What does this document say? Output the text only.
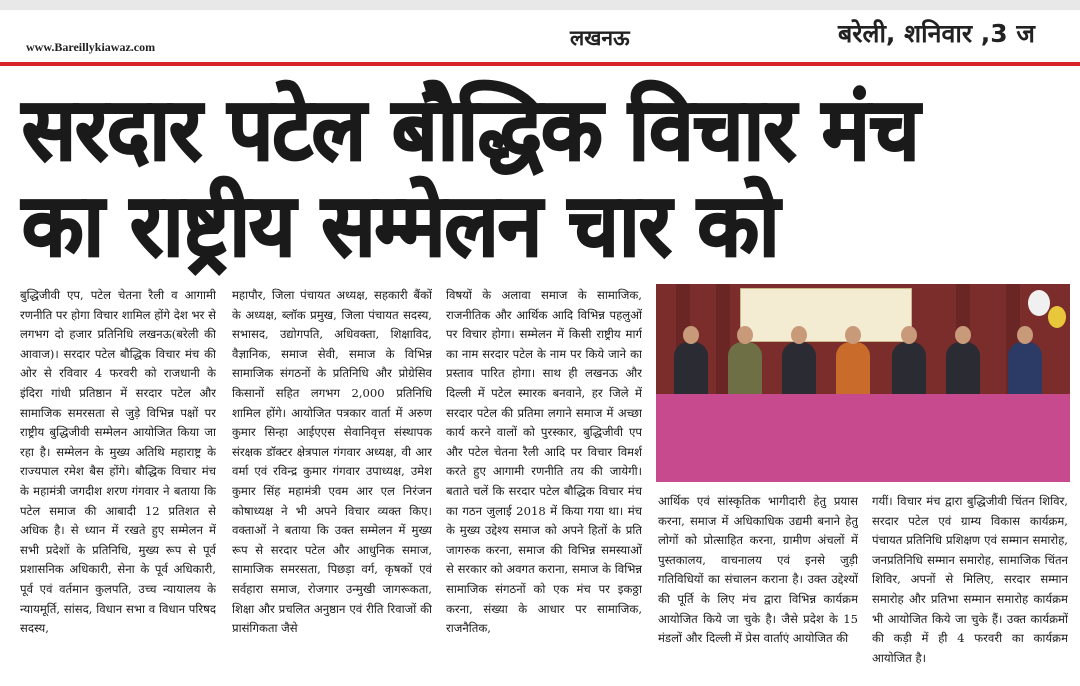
www.Bareillykiawaz.com	लखनऊ	बरेली, शनिवार ,3 ज
सरदार पटेल बौद्धिक विचार मंच
का राष्ट्रीय सम्मेलन चार को
बुद्धिजीवी एप, पटेल चेतना रैली व आगामी रणनीति पर होगा विचार शामिल होंगे देश भर से लगभग दो हजार प्रतिनिधि लखनऊ(बरेली की आवाज)। सरदार पटेल बौद्धिक विचार मंच की ओर से रविवार 4 फरवरी को राजधानी के इंदिरा गांधी प्रतिष्ठान में सरदार पटेल और सामाजिक समरसता से जुड़े विभिन्न पक्षों पर राष्ट्रीय बुद्धिजीवी सम्मेलन आयोजित किया जा रहा है। सम्मेलन के मुख्य अतिथि महाराष्ट्र के राज्यपाल रमेश बैस होंगे। बौद्धिक विचार मंच के महामंत्री जगदीश शरण गंगवार ने बताया कि पटेल समाज की आबादी 12 प्रतिशत से अधिक है। से ध्यान में रखते हुए सम्मेलन में सभी प्रदेशों के प्रतिनिधि, मुख्य रूप से पूर्व प्रशासनिक अधिकारी, सेना के पूर्व अधिकारी, पूर्व एवं वर्तमान कुलपति, उच्च न्यायालय के न्यायमूर्ति, सांसद, विधान सभा व विधान परिषद सदस्य,
महापौर, जिला पंचायत अध्यक्ष, सहकारी बैंकों के अध्यक्ष, ब्लॉक प्रमुख, जिला पंचायत सदस्य, सभासद, उद्योगपति, अधिवक्ता, शिक्षाविद, वैज्ञानिक, समाज सेवी, समाज के विभिन्न सामाजिक संगठनों के प्रतिनिधि और प्रोग्रेसिव किसानों सहित लगभग 2,000 प्रतिनिधि शामिल होंगे। आयोजित पत्रकार वार्ता में अरुण कुमार सिन्हा आईएएस सेवानिवृत्त संस्थापक संरक्षक डॉक्टर क्षेत्रपाल गंगवार अध्यक्ष, वी आर वर्मा एवं रविन्द्र कुमार गंगवार उपाध्यक्ष, उमेश कुमार सिंह महामंत्री एवम आर एल निरंजन कोषाध्यक्ष ने भी अपने विचार व्यक्त किए। वक्ताओं ने बताया कि उक्त सम्मेलन में मुख्य रूप से सरदार पटेल और आधुनिक समाज, सामाजिक समरसता, पिछड़ा वर्ग, कृषकों एवं सर्वहारा समाज, रोजगार उन्मुखी जागरूकता, शिक्षा और प्रचलित अनुष्ठान एवं रीति रिवाजों की प्रासंगिकता जैसे
विषयों के अलावा समाज के सामाजिक, राजनीतिक और आर्थिक आदि विभिन्न पहलुओं पर विचार होगा। सम्मेलन में किसी राष्ट्रीय मार्ग का नाम सरदार पटेल के नाम पर किये जाने का प्रस्ताव पारित होगा। साथ ही लखनऊ और दिल्ली में पटेल स्मारक बनवाने, हर जिले में सरदार पटेल की प्रतिमा लगाने समाज में अच्छा कार्य करने वालों को पुरस्कार, बुद्धिजीवी एप और पटेल चेतना रैली आदि पर विचार विमर्श करते हुए आगामी रणनीति तय की जायेगी। बताते चलें कि सरदार पटेल बौद्धिक विचार मंच का गठन जुलाई 2018 में किया गया था। मंच के मुख्य उद्देश्य समाज को अपने हितों के प्रति जागरुक करना, समाज की विभिन्न समस्याओं से सरकार को अवगत कराना, समाज के विभिन्न सामाजिक संगठनों को एक मंच पर इकठ्ठा करना, संख्या के आधार पर सामाजिक, राजनैतिक,
आर्थिक एवं सांस्कृतिक भागीदारी हेतु प्रयास करना, समाज में अधिकाधिक उद्यमी बनाने हेतु लोगों को प्रोत्साहित करना, ग्रामीण अंचलों में पुस्तकालय, वाचनालय एवं इनसे जुड़ी गतिविधियों का संचालन कराना है। उक्त उद्देश्यों की पूर्ति के लिए मंच द्वारा विभिन्न कार्यक्रम आयोजित किये जा चुके है। जैसे प्रदेश के 15 मंडलों और दिल्ली में प्रेस वार्ताएं आयोजित की
गयीं। विचार मंच द्वारा बुद्धिजीवी चिंतन शिविर, सरदार पटेल एवं ग्राम्य विकास कार्यक्रम, पंचायत प्रतिनिधि प्रशिक्षण एवं सम्मान समारोह, जनप्रतिनिधि सम्मान समारोह, सामाजिक चिंतन शिविर, अपनों से मिलिए, सरदार सम्मान समारोह और प्रतिभा सम्मान समारोह कार्यक्रम भी आयोजित किये जा चुके हैं। उक्त कार्यक्रमों की कड़ी में ही 4 फरवरी का कार्यक्रम आयोजित है।
